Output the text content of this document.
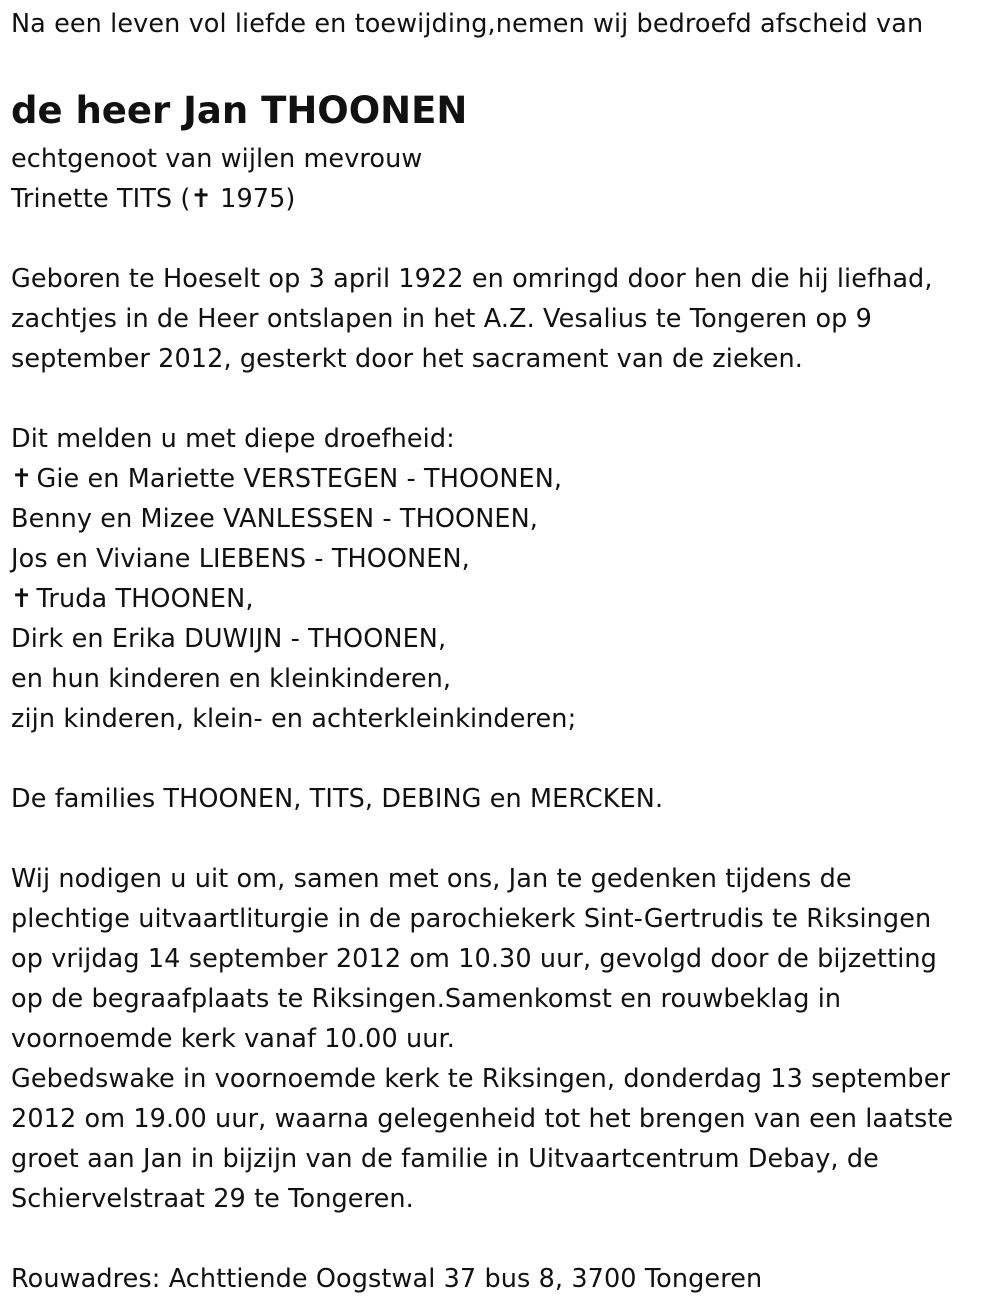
Na een leven vol liefde en toewijding,nemen wij bedroefd afscheid van
de heer Jan THOONEN
echtgenoot van wijlen mevrouw
Trinette TITS (✝ 1975)
Geboren te Hoeselt op 3 april 1922 en omringd door hen die hij liefhad,
zachtjes in de Heer ontslapen in het A.Z. Vesalius te Tongeren op 9
september 2012, gesterkt door het sacrament van de zieken.
Dit melden u met diepe droefheid:
✝ Gie en Mariette VERSTEGEN - THOONEN,
Benny en Mizee VANLESSEN - THOONEN,
Jos en Viviane LIEBENS - THOONEN,
✝ Truda THOONEN,
Dirk en Erika DUWIJN - THOONEN,
en hun kinderen en kleinkinderen,
zijn kinderen, klein- en achterkleinkinderen;
De families THOONEN, TITS, DEBING en MERCKEN.
Wij nodigen u uit om, samen met ons, Jan te gedenken tijdens de
plechtige uitvaartliturgie in de parochiekerk Sint-Gertrudis te Riksingen
op vrijdag 14 september 2012 om 10.30 uur, gevolgd door de bijzetting
op de begraafplaats te Riksingen.Samenkomst en rouwbeklag in
voornoemde kerk vanaf 10.00 uur.
Gebedswake in voornoemde kerk te Riksingen, donderdag 13 september
2012 om 19.00 uur, waarna gelegenheid tot het brengen van een laatste
groet aan Jan in bijzijn van de familie in Uitvaartcentrum Debay, de
Schiervelstraat 29 te Tongeren.
Rouwadres: Achttiende Oogstwal 37 bus 8, 3700 Tongeren
